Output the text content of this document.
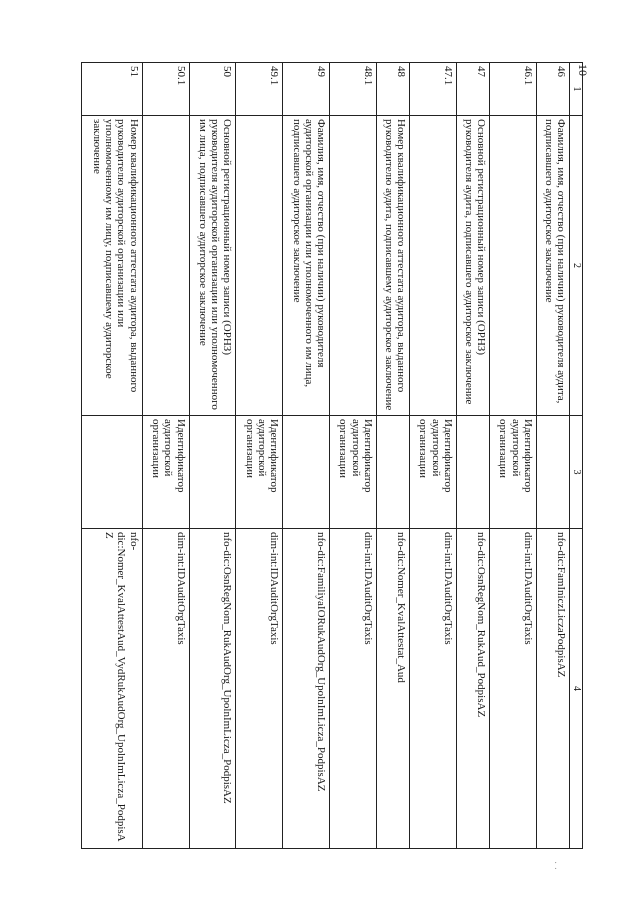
10
· ·
1	2	3	4
46	Фамилия, имя, отчество (при наличии) руководителя аудита, подписавшего аудиторское заключение		nfo-dic:FamIniczLiczaPodpisAZ
46.1		Идентификатор аудиторской организации	dim-int:IDAuditOrgTaxis
47	Основной регистрационный номер записи (ОРНЗ) руководителя аудита, подписавшего аудиторское заключение		nfo-dic:OsnRegNom_RukAud_PodpisAZ
47.1		Идентификатор аудиторской организации	dim-int:IDAuditOrgTaxis
48	Номер квалификационного аттестата аудитора, выданного руководителю аудита, подписавшему аудиторское заключение		nfo-dic:Nomer_KvalAttestat_Aud
48.1		Идентификатор аудиторской организации	dim-int:IDAuditOrgTaxis
49	Фамилия, имя, отчество (при наличии) руководителя аудиторской организации или уполномоченного им лица, подписавшего аудиторское заключение		nfo-dic:FamiliyaIORukAudOrg_UpolnImLicza_PodpisAZ
49.1		Идентификатор аудиторской организации	dim-int:IDAuditOrgTaxis
50	Основной регистрационный номер записи (ОРНЗ) руководителя аудиторской организации или уполномоченного им лица, подписавшего аудиторское заключение		nfo-dic:OsnRegNom_RukAudOrg_UpolnImLicza_PodpisAZ
50.1		Идентификатор аудиторской организации	dim-int:IDAuditOrgTaxis
51	Номер квалификационного аттестата аудитора, выданного руководителю аудиторской организации или уполномоченному им лицу, подписавшему аудиторское заключение		nfo-dic:Nomer_KvalAttestAud_VydRukAudOrg_UpolnImLicza_PodpisAZ
